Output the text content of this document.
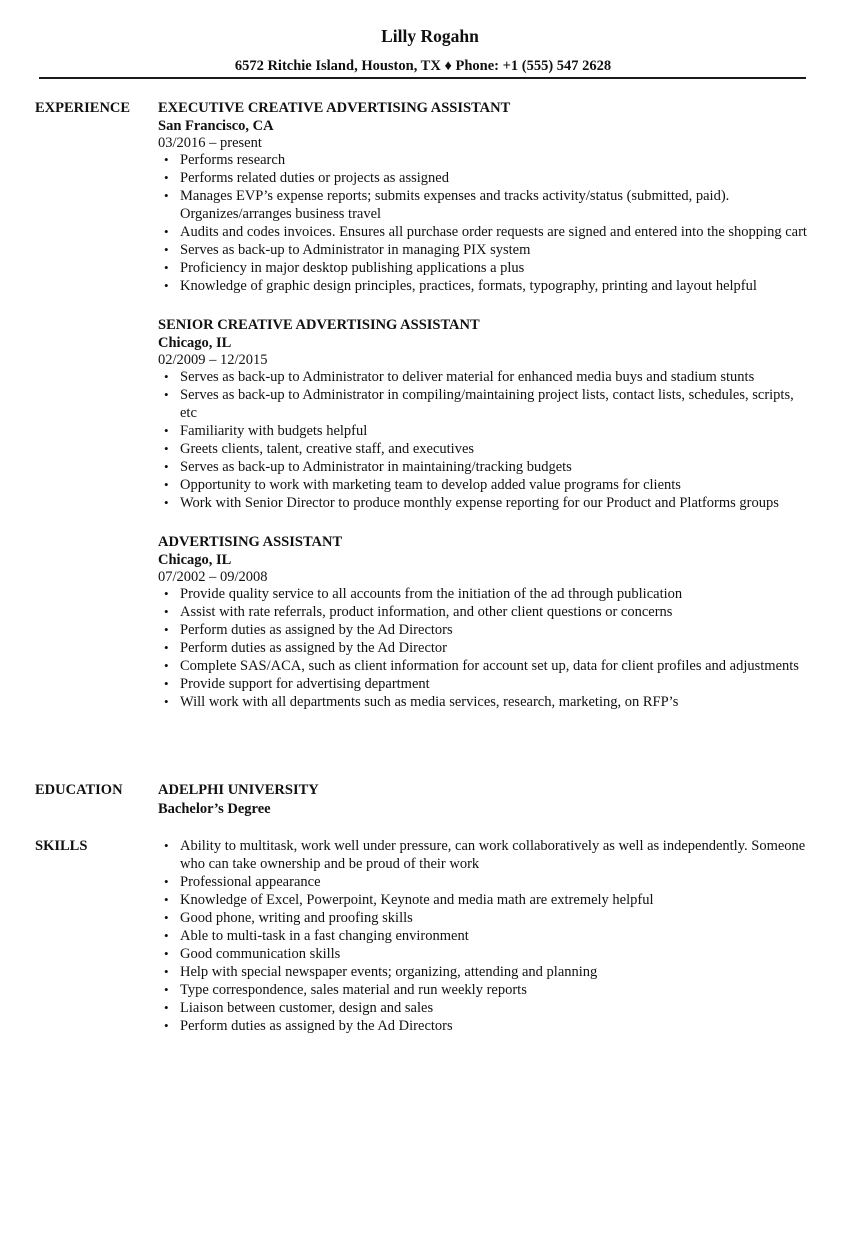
Lilly Rogahn
6572 Ritchie Island, Houston, TX ♦ Phone: +1 (555) 547 2628
EXPERIENCE EXECUTIVE CREATIVE ADVERTISING ASSISTANT
San Francisco, CA
03/2016 – present
• Performs research
• Performs related duties or projects as assigned
• Manages EVP’s expense reports; submits expenses and tracks activity/status (submitted, paid). Organizes/arranges business travel
• Audits and codes invoices. Ensures all purchase order requests are signed and entered into the shopping cart
• Serves as back-up to Administrator in managing PIX system
• Proficiency in major desktop publishing applications a plus
• Knowledge of graphic design principles, practices, formats, typography, printing and layout helpful
SENIOR CREATIVE ADVERTISING ASSISTANT
Chicago, IL
02/2009 – 12/2015
• Serves as back-up to Administrator to deliver material for enhanced media buys and stadium stunts
• Serves as back-up to Administrator in compiling/maintaining project lists, contact lists, schedules, scripts, etc
• Familiarity with budgets helpful
• Greets clients, talent, creative staff, and executives
• Serves as back-up to Administrator in maintaining/tracking budgets
• Opportunity to work with marketing team to develop added value programs for clients
• Work with Senior Director to produce monthly expense reporting for our Product and Platforms groups
ADVERTISING ASSISTANT
Chicago, IL
07/2002 – 09/2008
• Provide quality service to all accounts from the initiation of the ad through publication
• Assist with rate referrals, product information, and other client questions or concerns
• Perform duties as assigned by the Ad Directors
• Perform duties as assigned by the Ad Director
• Complete SAS/ACA, such as client information for account set up, data for client profiles and adjustments
• Provide support for advertising department
• Will work with all departments such as media services, research, marketing, on RFP’s
EDUCATION ADELPHI UNIVERSITY
Bachelor’s Degree
SKILLS
•	Ability to multitask, work well under pressure, can work collaboratively as well as independently. Someone who can take ownership and be proud of their work
• Professional appearance
• Knowledge of Excel, Powerpoint, Keynote and media math are extremely helpful
• Good phone, writing and proofing skills
• Able to multi-task in a fast changing environment
• Good communication skills
• Help with special newspaper events; organizing, attending and planning
• Type correspondence, sales material and run weekly reports
• Liaison between customer, design and sales
• Perform duties as assigned by the Ad Directors
